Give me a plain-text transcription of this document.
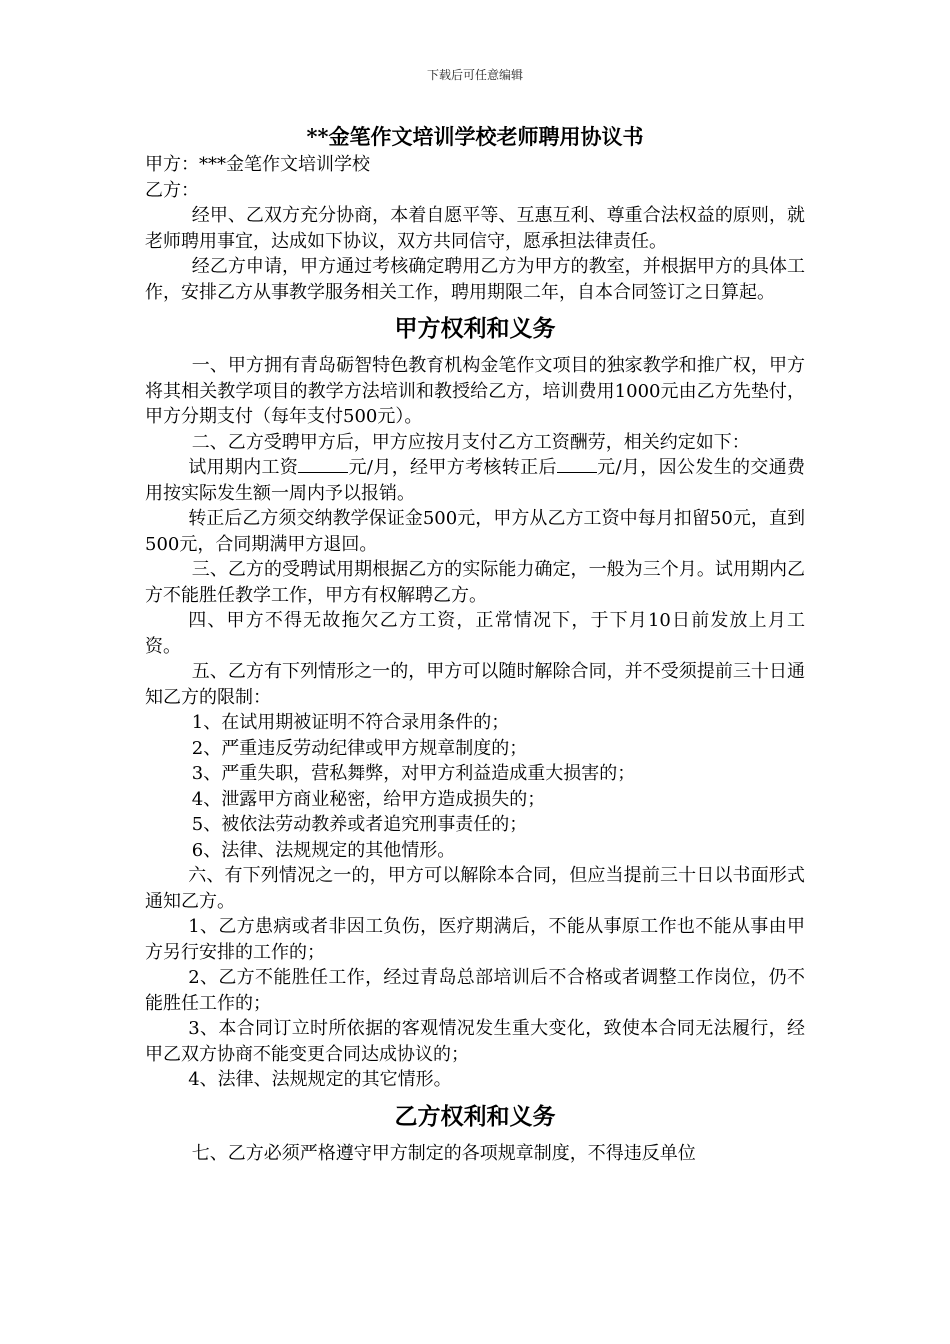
下载后可任意编辑
**金笔作文培训学校老师聘用协议书

甲方：***金笔作文培训学校

乙方：

经甲、乙双方充分协商，本着自愿平等、互惠互利、尊重合法权益的原则，就老师聘用事宜，达成如下协议，双方共同信守，愿承担法律责任。

经乙方申请，甲方通过考核确定聘用乙方为甲方的教室，并根据甲方的具体工作，安排乙方从事教学服务相关工作，聘用期限二年，自本合同签订之日算起。

甲方权利和义务

一、甲方拥有青岛砺智特色教育机构金笔作文项目的独家教学和推广权，甲方将其相关教学项目的教学方法培训和教授给乙方，培训费用1000元由乙方先垫付，甲方分期支付（每年支付500元）。

二、乙方受聘甲方后，甲方应按月支付乙方工资酬劳，相关约定如下：

试用期内工资	元/月，经甲方考核转正后 元/月，因公发生的交通费用按实际发生额一周内予以报销。

转正后乙方须交纳教学保证金500元，甲方从乙方工资中每月扣留50元，直到500元，合同期满甲方退回。

三、乙方的受聘试用期根据乙方的实际能力确定，一般为三个月。试用期内乙方不能胜任教学工作，甲方有权解聘乙方。

四、甲方不得无故拖欠乙方工资，正常情况下，于下月10日前发放上月工资。

五、乙方有下列情形之一的，甲方可以随时解除合同，并不受须提前三十日通知乙方的限制：

1、在试用期被证明不符合录用条件的；

2、严重违反劳动纪律或甲方规章制度的；

3、严重失职，营私舞弊，对甲方利益造成重大损害的；

4、泄露甲方商业秘密，给甲方造成损失的；

5、被依法劳动教养或者追究刑事责任的；

6、法律、法规规定的其他情形。

六、有下列情况之一的，甲方可以解除本合同，但应当提前三十日以书面形式通知乙方。

1、乙方患病或者非因工负伤，医疗期满后，不能从事原工作也不能从事由甲方另行安排的工作的；

2、乙方不能胜任工作，经过青岛总部培训后不合格或者调整工作岗位，仍不能胜任工作的；

3、本合同订立时所依据的客观情况发生重大变化，致使本合同无法履行，经甲乙双方协商不能变更合同达成协议的；

4、法律、法规规定的其它情形。

乙方权利和义务

七、乙方必须严格遵守甲方制定的各项规章制度，不得违反单位
